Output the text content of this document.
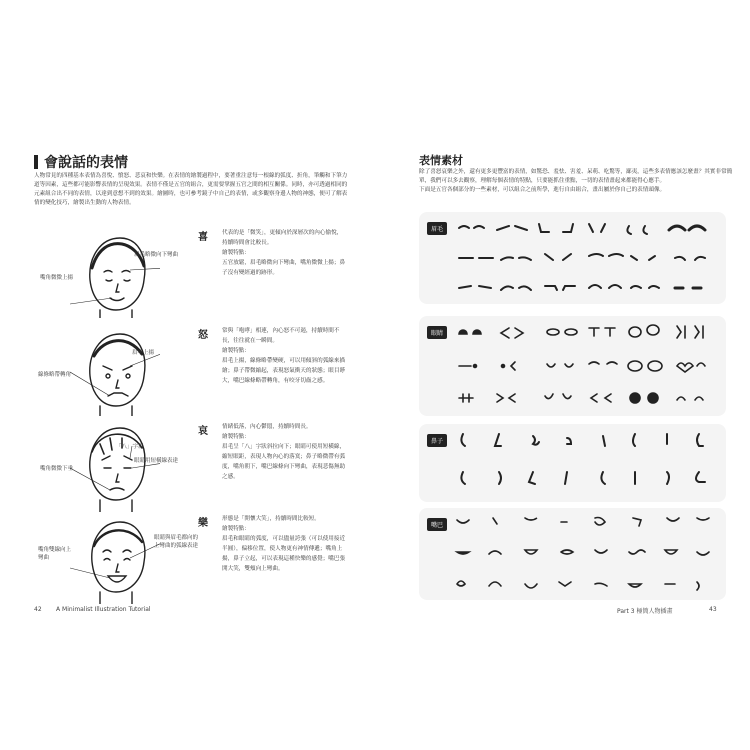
會說話的表情
人物常見的四種基本表情為喜悅、憤怒、悲哀和快樂。在表情的繪製過程中，要著重注意每一根線的弧度、折角，筆觸和下筆力道等因素，這些都可能影響表情的呈現效果。表情不僅是五官的組合，更需要掌握五官之間的相互關係。同時，亦可透過相同的元素組合出不同的表情，以達到意想不到的效果。繪圖時，也可參考鏡子中自己的表情，或多觀察身邊人物的神態，便可了解表情的變化技巧，繪製出生動的人物表情。
眉毛略微向下彎曲
嘴角微微上揚
喜	代表的是「微笑」，更傾向於深層次的內心愉悅，持續時間會比較長。
繪製特點：
五官放鬆，眉毛略微向下彎曲，嘴角微微上揚；鼻子沒有變經過的跡形。
眉毛上揚
線條略帶轉角
怒	常與「咆哮」相連，內心怒不可遏，持續時間不長，往往就在一瞬間。
繪製特點：
眉毛上揚，線條略帶變硬，可以用傾斜的弧線來描繪；鼻子帶微縮起，表現怒氣衝天的狀態；眼目睜大，嘴巴線條略帶轉角，有咬牙切齒之感。
「八」字眉
眼睛用短橫線表達
嘴角微微下垂
哀	情緒低落，內心鬱悶，持續時間長。
繪製特點：
眉毛呈「八」字狀斜拉向下；眼睛可使用短橫線，縮短眼距，表現人物內心的落寞；鼻子略微帶有弧度，嘴角朝下，嘴巴線條向下彎曲，表現悲傷無助之感。
眼睛與眉毛都向的上彎曲的弧線表達
嘴角雙線向上彎曲
樂	形態是「開懷大笑」，持續時間比較短。
繪製特點：
眉毛和眼睛的弧度，可以儘量誇張（可以使用接近半圓），偏移位置，使人物更有神情傳遞；嘴角上揚，鼻子立起，可以表現這種快樂的感覺；嘴巴張開大笑，雙頰向上彎曲。
42 A Minimalist Illustration Tutorial
表情素材
除了喜怒哀樂之外，還有更多更豐富的表情，如驚恐、羞怯、害羞、呆萌、吃驚等，鄙夷，這些多表情應該怎麼畫？其實非常簡單，我們可以多去觀察，理解每個表情的特點，只要能抓住重點，一切的表情畫起來都能得心應手。
下面是五官各個部分的一些素材，可以組合之前所學，進行自由組合，畫出屬於你自己的表情頭像。
眉毛
眼睛
鼻子
嘴巴
Part 3 極簡人物插畫	43
